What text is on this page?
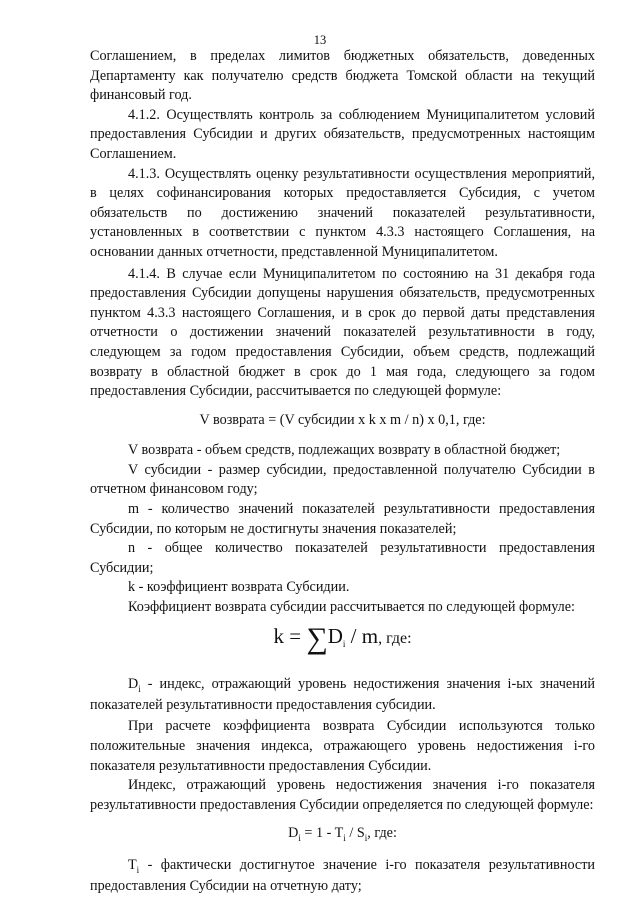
13

Соглашением, в пределах лимитов бюджетных обязательств, доведенных Департаменту как получателю средств бюджета Томской области на текущий финансовый год.

4.1.2. Осуществлять контроль за соблюдением Муниципалитетом условий предоставления Субсидии и других обязательств, предусмотренных настоящим Соглашением.

4.1.3. Осуществлять оценку результативности осуществления мероприятий, в целях софинансирования которых предоставляется Субсидия, с учетом обязательств по достижению значений показателей результативности, установленных в соответствии с пунктом 4.3.3 настоящего Соглашения, на основании данных отчетности, представленной Муниципалитетом.

4.1.4. В случае если Муниципалитетом по состоянию на 31 декабря года предоставления Субсидии допущены нарушения обязательств, предусмотренных пунктом 4.3.3 настоящего Соглашения, и в срок до первой даты представления отчетности о достижении значений показателей результативности в году, следующем за годом предоставления Субсидии, объем средств, подлежащий возврату в областной бюджет в срок до 1 мая года, следующего за годом предоставления Субсидии, рассчитывается по следующей формуле:

V возврата = (V субсидии x k x m / n) x 0,1, где:

V возврата - объем средств, подлежащих возврату в областной бюджет;

V субсидии - размер субсидии, предоставленной получателю Субсидии в отчетном финансовом году;

m - количество значений показателей результативности предоставления Субсидии, по которым не достигнуты значения показателей;

n - общее количество показателей результативности предоставления Субсидии;

k - коэффициент возврата Субсидии.

Коэффициент возврата субсидии рассчитывается по следующей формуле:

$k = \sum D_i / m$, где:

$D_i$ - индекс, отражающий уровень недостижения значения i-ых значений показателей результативности предоставления субсидии.

При расчете коэффициента возврата Субсидии используются только положительные значения индекса, отражающего уровень недостижения i-го показателя результативности предоставления Субсидии.

Индекс, отражающий уровень недостижения значения i-го показателя результативности предоставления Субсидии определяется по следующей формуле:

$D_i = 1 - T_i / S_i$, где:

$T_i$ - фактически достигнутое значение i-го показателя результативности предоставления Субсидии на отчетную дату;
